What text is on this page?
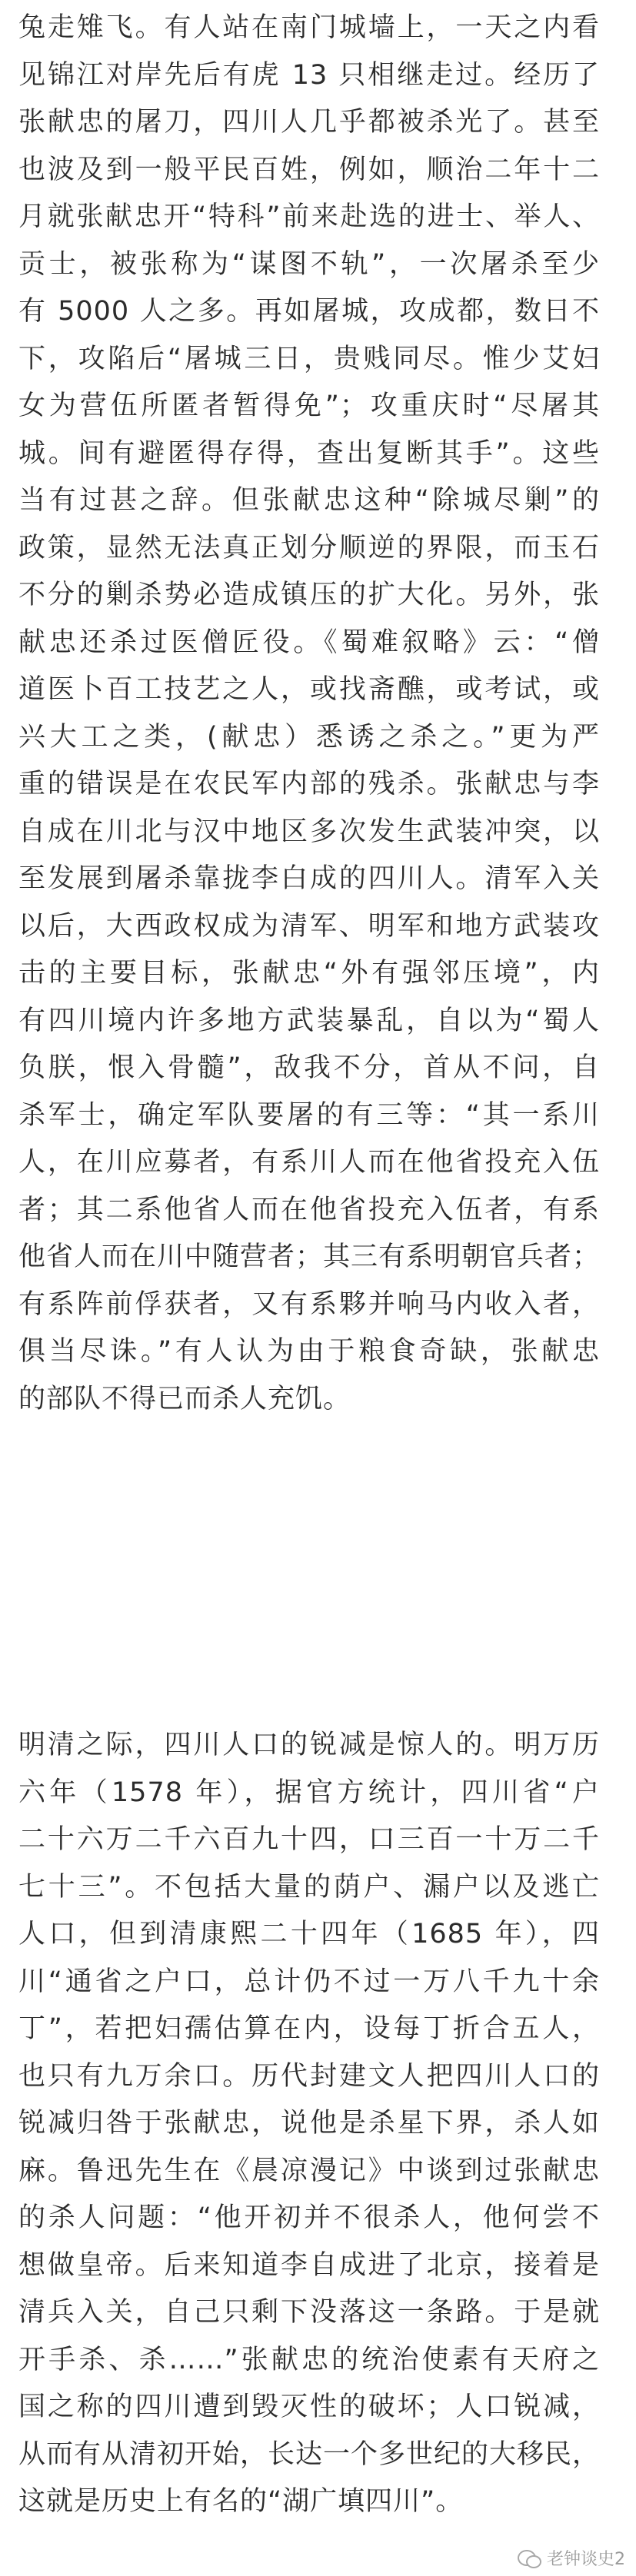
兔走雉飞。有人站在南门城墙上，一天之内看
见锦江对岸先后有虎 13 只相继走过。经历了
张献忠的屠刀，四川人几乎都被杀光了。甚至
也波及到一般平民百姓，例如，顺治二年十二
月就张献忠开“特科”前来赴选的进士、举人、
贡士，被张称为“谋图不轨”，一次屠杀至少
有 5000 人之多。再如屠城，攻成都，数日不
下，攻陷后“屠城三日，贵贱同尽。惟少艾妇
女为营伍所匿者暂得免”；攻重庆时“尽屠其
城。间有避匿得存得，查出复断其手”。这些
当有过甚之辞。但张献忠这种“除城尽剿”的
政策，显然无法真正划分顺逆的界限，而玉石
不分的剿杀势必造成镇压的扩大化。另外，张
献忠还杀过医僧匠役。《蜀难叙略》云：“僧
道医卜百工技艺之人，或找斋醮，或考试，或
兴大工之类，(献忠）悉诱之杀之。”更为严
重的错误是在农民军内部的残杀。张献忠与李
自成在川北与汉中地区多次发生武装冲突，以
至发展到屠杀靠拢李白成的四川人。清军入关
以后，大西政权成为清军、明军和地方武装攻
击的主要目标，张献忠“外有强邻压境”，内
有四川境内许多地方武装暴乱，自以为“蜀人
负朕，恨入骨髓”，敌我不分，首从不问，自
杀军士，确定军队要屠的有三等：“其一系川
人，在川应募者，有系川人而在他省投充入伍
者；其二系他省人而在他省投充入伍者，有系
他省人而在川中随营者；其三有系明朝官兵者；
有系阵前俘获者，又有系夥并响马内收入者，
俱当尽诛。”有人认为由于粮食奇缺，张献忠
的部队不得已而杀人充饥。
明清之际，四川人口的锐减是惊人的。明万历
六年（1578 年），据官方统计，四川省“户
二十六万二千六百九十四，口三百一十万二千
七十三”。不包括大量的荫户、漏户以及逃亡
人口，但到清康熙二十四年（1685 年），四
川“通省之户口，总计仍不过一万八千九十余
丁”，若把妇孺估算在内，设每丁折合五人，
也只有九万余口。历代封建文人把四川人口的
锐减归咎于张献忠，说他是杀星下界，杀人如
麻。鲁迅先生在《晨凉漫记》中谈到过张献忠
的杀人问题：“他开初并不很杀人，他何尝不
想做皇帝。后来知道李自成进了北京，接着是
清兵入关，自己只剩下没落这一条路。于是就
开手杀、杀……”张献忠的统治使素有天府之
国之称的四川遭到毁灭性的破坏；人口锐减，
从而有从清初开始，长达一个多世纪的大移民，
这就是历史上有名的“湖广填四川”。
老钟谈史2
